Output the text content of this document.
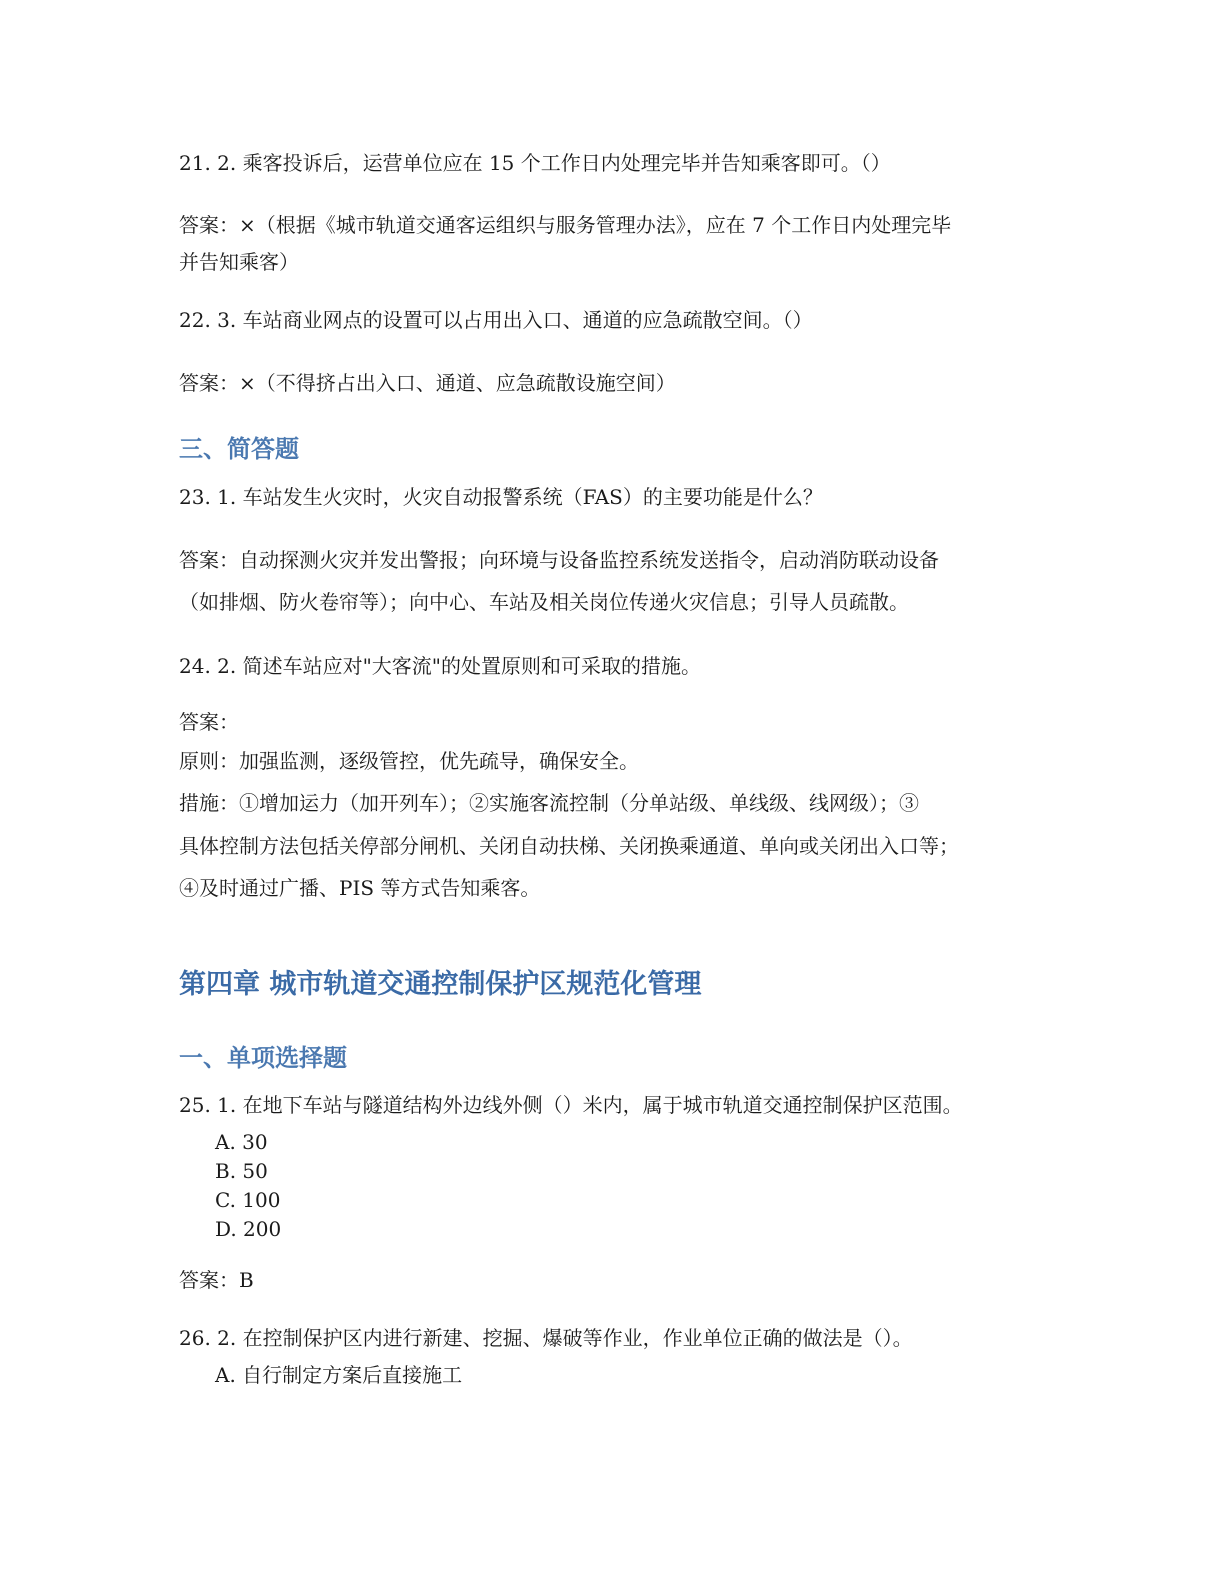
21. 2. 乘客投诉后，运营单位应在 15 个工作日内处理完毕并告知乘客即可。（）

答案：×（根据《城市轨道交通客运组织与服务管理办法》，应在 7 个工作日内处理完毕

并告知乘客）

22. 3. 车站商业网点的设置可以占用出入口、通道的应急疏散空间。（）

答案：×（不得挤占出入口、通道、应急疏散设施空间）

三、简答题

23. 1. 车站发生火灾时，火灾自动报警系统（FAS）的主要功能是什么？

答案：自动探测火灾并发出警报；向环境与设备监控系统发送指令，启动消防联动设备

（如排烟、防火卷帘等）；向中心、车站及相关岗位传递火灾信息；引导人员疏散。

24. 2. 简述车站应对"大客流"的处置原则和可采取的措施。

答案：

原则：加强监测，逐级管控，优先疏导，确保安全。

措施：①增加运力（加开列车）；②实施客流控制（分单站级、单线级、线网级）；③

具体控制方法包括关停部分闸机、关闭自动扶梯、关闭换乘通道、单向或关闭出入口等；

④及时通过广播、PIS 等方式告知乘客。

第四章 城市轨道交通控制保护区规范化管理
一、单项选择题

25. 1. 在地下车站与隧道结构外边线外侧（）米内，属于城市轨道交通控制保护区范围。

A. 30

B. 50

C. 100

D. 200

答案：B

26. 2. 在控制保护区内进行新建、挖掘、爆破等作业，作业单位正确的做法是（）。

A. 自行制定方案后直接施工
